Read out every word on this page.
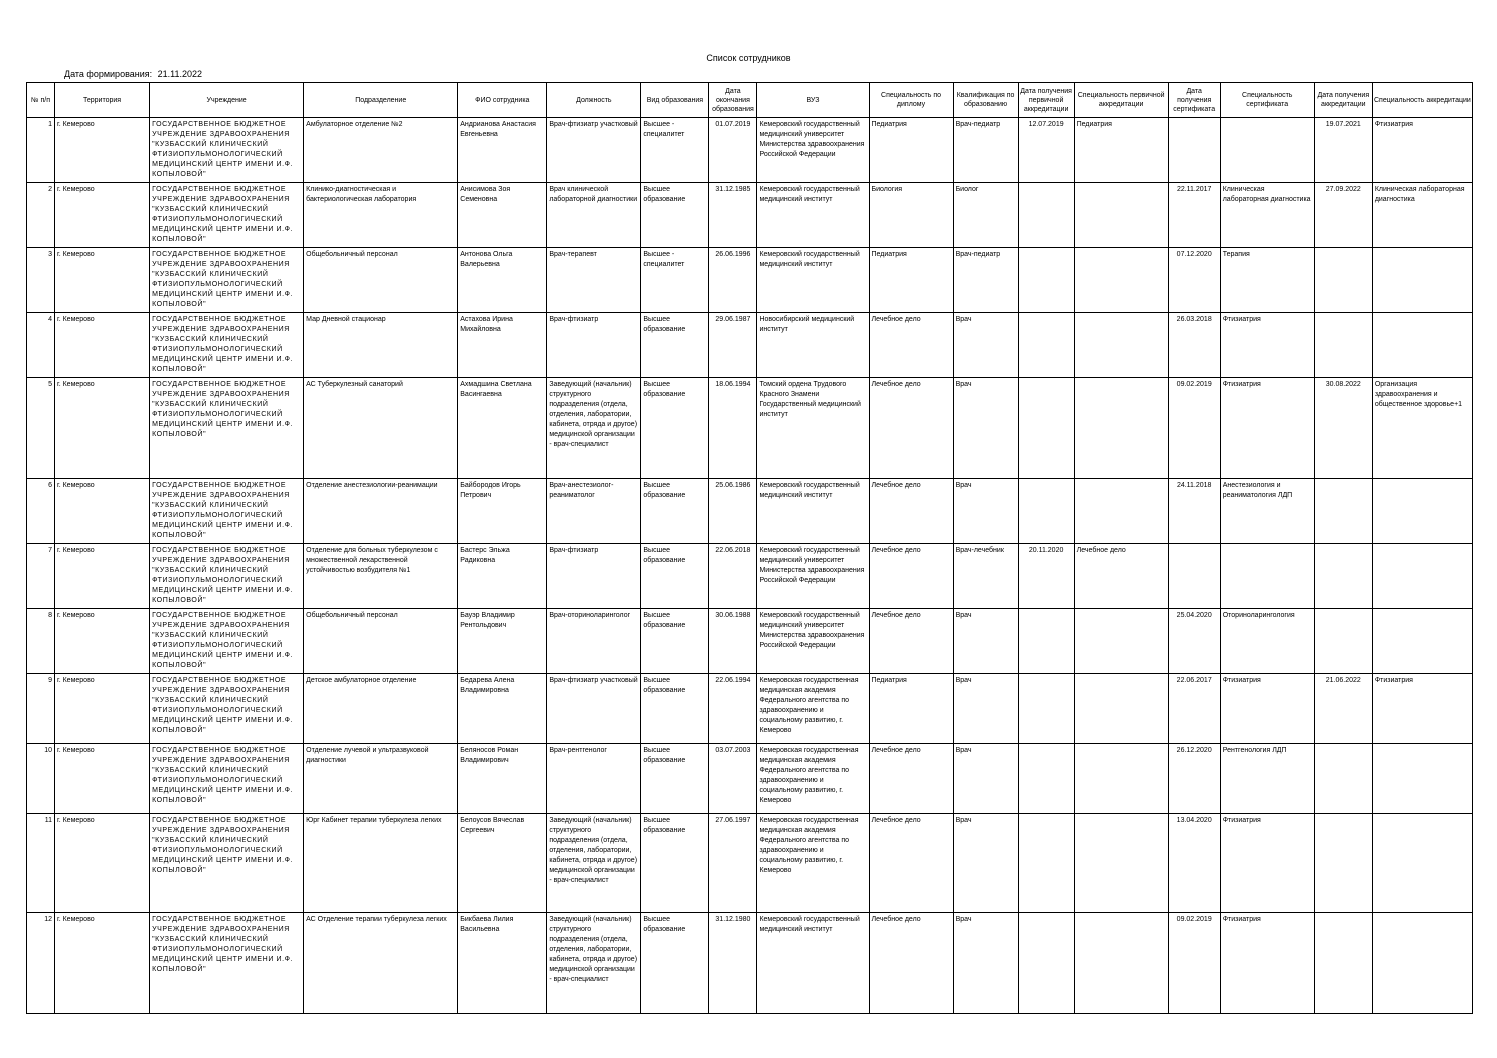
Список сотрудников
Дата формирования: 21.11.2022
№ п/п	Территория	Учреждение	Подразделение	ФИО сотрудника	Должность	Вид образования	Дата окончания образования	ВУЗ	Специальность по диплому	Квалификация по образованию	Дата получения первичной аккредитации	Специальность первичной аккредитации	Дата получения сертификата	Специальность сертификата	Дата получения аккредитации	Специальность аккредитации
1	г. Кемерово	ГОСУДАРСТВЕННОЕ БЮДЖЕТНОЕ УЧРЕЖДЕНИЕ ЗДРАВООХРАНЕНИЯ "КУЗБАССКИЙ КЛИНИЧЕСКИЙ ФТИЗИОПУЛЬМОНОЛОГИЧЕСКИЙ МЕДИЦИНСКИЙ ЦЕНТР ИМЕНИ И.Ф. КОПЫЛОВОЙ"	Амбулаторное отделение №2	Андрианова Анастасия Евгеньевна	Врач-фтизиатр участковый	Высшее - специалитет	01.07.2019	Кемеровский государственный медицинский университет Министерства здравоохранения Российской Федерации	Педиатрия	Врач-педиатр	12.07.2019	Педиатрия			19.07.2021	Фтизиатрия
2	г. Кемерово	ГОСУДАРСТВЕННОЕ БЮДЖЕТНОЕ УЧРЕЖДЕНИЕ ЗДРАВООХРАНЕНИЯ "КУЗБАССКИЙ КЛИНИЧЕСКИЙ ФТИЗИОПУЛЬМОНОЛОГИЧЕСКИЙ МЕДИЦИНСКИЙ ЦЕНТР ИМЕНИ И.Ф. КОПЫЛОВОЙ"	Клинико-диагностическая и бактериологическая лаборатория	Анисимова Зоя Семеновна	Врач клинической лабораторной диагностики	Высшее образование	31.12.1985	Кемеровский государственный медицинский институт	Биология	Биолог			22.11.2017	Клиническая лабораторная диагностика	27.09.2022	Клиническая лабораторная диагностика
3	г. Кемерово	ГОСУДАРСТВЕННОЕ БЮДЖЕТНОЕ УЧРЕЖДЕНИЕ ЗДРАВООХРАНЕНИЯ "КУЗБАССКИЙ КЛИНИЧЕСКИЙ ФТИЗИОПУЛЬМОНОЛОГИЧЕСКИЙ МЕДИЦИНСКИЙ ЦЕНТР ИМЕНИ И.Ф. КОПЫЛОВОЙ"	Общебольничный персонал	Антонова Ольга Валерьевна	Врач-терапевт	Высшее - специалитет	26.06.1996	Кемеровский государственный медицинский институт	Педиатрия	Врач-педиатр			07.12.2020	Терапия		
4	г. Кемерово	ГОСУДАРСТВЕННОЕ БЮДЖЕТНОЕ УЧРЕЖДЕНИЕ ЗДРАВООХРАНЕНИЯ "КУЗБАССКИЙ КЛИНИЧЕСКИЙ ФТИЗИОПУЛЬМОНОЛОГИЧЕСКИЙ МЕДИЦИНСКИЙ ЦЕНТР ИМЕНИ И.Ф. КОПЫЛОВОЙ"	Мар Дневной стационар	Астахова Ирина Михайловна	Врач-фтизиатр	Высшее образование	29.06.1987	Новосибирский медицинский институт	Лечебное дело	Врач			26.03.2018	Фтизиатрия		
5	г. Кемерово	ГОСУДАРСТВЕННОЕ БЮДЖЕТНОЕ УЧРЕЖДЕНИЕ ЗДРАВООХРАНЕНИЯ "КУЗБАССКИЙ КЛИНИЧЕСКИЙ ФТИЗИОПУЛЬМОНОЛОГИЧЕСКИЙ МЕДИЦИНСКИЙ ЦЕНТР ИМЕНИ И.Ф. КОПЫЛОВОЙ"	АС Туберкулезный санаторий	Ахмадшина Светлана Васингаевна	Заведующий (начальник) структурного подразделения (отдела, отделения, лаборатории, кабинета, отряда и другое) медицинской организации - врач-специалист	Высшее образование	18.06.1994	Томский ордена Трудового Красного Знамени Государственный медицинский институт	Лечебное дело	Врач			09.02.2019	Фтизиатрия	30.08.2022	Организация здравоохранения и общественное здоровье+1
6	г. Кемерово	ГОСУДАРСТВЕННОЕ БЮДЖЕТНОЕ УЧРЕЖДЕНИЕ ЗДРАВООХРАНЕНИЯ "КУЗБАССКИЙ КЛИНИЧЕСКИЙ ФТИЗИОПУЛЬМОНОЛОГИЧЕСКИЙ МЕДИЦИНСКИЙ ЦЕНТР ИМЕНИ И.Ф. КОПЫЛОВОЙ"	Отделение анестезиологии-реанимации	Байбородов Игорь Петрович	Врач-анестезиолог-реаниматолог	Высшее образование	25.06.1986	Кемеровский государственный медицинский институт	Лечебное дело	Врач			24.11.2018	Анестезиология и реаниматология ЛДП		
7	г. Кемерово	ГОСУДАРСТВЕННОЕ БЮДЖЕТНОЕ УЧРЕЖДЕНИЕ ЗДРАВООХРАНЕНИЯ "КУЗБАССКИЙ КЛИНИЧЕСКИЙ ФТИЗИОПУЛЬМОНОЛОГИЧЕСКИЙ МЕДИЦИНСКИЙ ЦЕНТР ИМЕНИ И.Ф. КОПЫЛОВОЙ"	Отделение для больных туберкулезом с множественной лекарственной устойчивостью возбудителя №1	Бастерс Эльжа Радиковна	Врач-фтизиатр	Высшее образование	22.06.2018	Кемеровский государственный медицинский университет Министерства здравоохранения Российской Федерации	Лечебное дело	Врач-лечебник	20.11.2020	Лечебное дело				
8	г. Кемерово	ГОСУДАРСТВЕННОЕ БЮДЖЕТНОЕ УЧРЕЖДЕНИЕ ЗДРАВООХРАНЕНИЯ "КУЗБАССКИЙ КЛИНИЧЕСКИЙ ФТИЗИОПУЛЬМОНОЛОГИЧЕСКИЙ МЕДИЦИНСКИЙ ЦЕНТР ИМЕНИ И.Ф. КОПЫЛОВОЙ"	Общебольничный персонал	Бауэр Владимир Рентольдович	Врач-оториноларинголог	Высшее образование	30.06.1988	Кемеровский государственный медицинский университет Министерства здравоохранения Российской Федерации	Лечебное дело	Врач			25.04.2020	Оториноларингология		
9	г. Кемерово	ГОСУДАРСТВЕННОЕ БЮДЖЕТНОЕ УЧРЕЖДЕНИЕ ЗДРАВООХРАНЕНИЯ "КУЗБАССКИЙ КЛИНИЧЕСКИЙ ФТИЗИОПУЛЬМОНОЛОГИЧЕСКИЙ МЕДИЦИНСКИЙ ЦЕНТР ИМЕНИ И.Ф. КОПЫЛОВОЙ"	Детское амбулаторное отделение	Бедарева Алена Владимировна	Врач-фтизиатр участковый	Высшее образование	22.06.1994	Кемеровская государственная медицинская академия Федерального агентства по здравоохранению и социальному развитию, г. Кемерово	Педиатрия	Врач			22.06.2017	Фтизиатрия	21.06.2022	Фтизиатрия
10	г. Кемерово	ГОСУДАРСТВЕННОЕ БЮДЖЕТНОЕ УЧРЕЖДЕНИЕ ЗДРАВООХРАНЕНИЯ "КУЗБАССКИЙ КЛИНИЧЕСКИЙ ФТИЗИОПУЛЬМОНОЛОГИЧЕСКИЙ МЕДИЦИНСКИЙ ЦЕНТР ИМЕНИ И.Ф. КОПЫЛОВОЙ"	Отделение лучевой и ультразвуковой диагностики	Беляносов Роман Владимирович	Врач-рентгенолог	Высшее образование	03.07.2003	Кемеровская государственная медицинская академия Федерального агентства по здравоохранению и социальному развитию, г. Кемерово	Лечебное дело	Врач			26.12.2020	Рентгенология ЛДП		
11	г. Кемерово	ГОСУДАРСТВЕННОЕ БЮДЖЕТНОЕ УЧРЕЖДЕНИЕ ЗДРАВООХРАНЕНИЯ "КУЗБАССКИЙ КЛИНИЧЕСКИЙ ФТИЗИОПУЛЬМОНОЛОГИЧЕСКИЙ МЕДИЦИНСКИЙ ЦЕНТР ИМЕНИ И.Ф. КОПЫЛОВОЙ"	Юрг Кабинет терапии туберкулеза легких	Белоусов Вячеслав Сергеевич	Заведующий (начальник) структурного подразделения (отдела, отделения, лаборатории, кабинета, отряда и другое) медицинской организации - врач-специалист	Высшее образование	27.06.1997	Кемеровская государственная медицинская академия Федерального агентства по здравоохранению и социальному развитию, г. Кемерово	Лечебное дело	Врач			13.04.2020	Фтизиатрия		
12	г. Кемерово	ГОСУДАРСТВЕННОЕ БЮДЖЕТНОЕ УЧРЕЖДЕНИЕ ЗДРАВООХРАНЕНИЯ "КУЗБАССКИЙ КЛИНИЧЕСКИЙ ФТИЗИОПУЛЬМОНОЛОГИЧЕСКИЙ МЕДИЦИНСКИЙ ЦЕНТР ИМЕНИ И.Ф. КОПЫЛОВОЙ"	АС Отделение терапии туберкулеза легких	Бикбаева Лилия Васильевна	Заведующий (начальник) структурного подразделения (отдела, отделения, лаборатории, кабинета, отряда и другое) медицинской организации - врач-специалист	Высшее образование	31.12.1980	Кемеровский государственный медицинский институт	Лечебное дело	Врач			09.02.2019	Фтизиатрия		
